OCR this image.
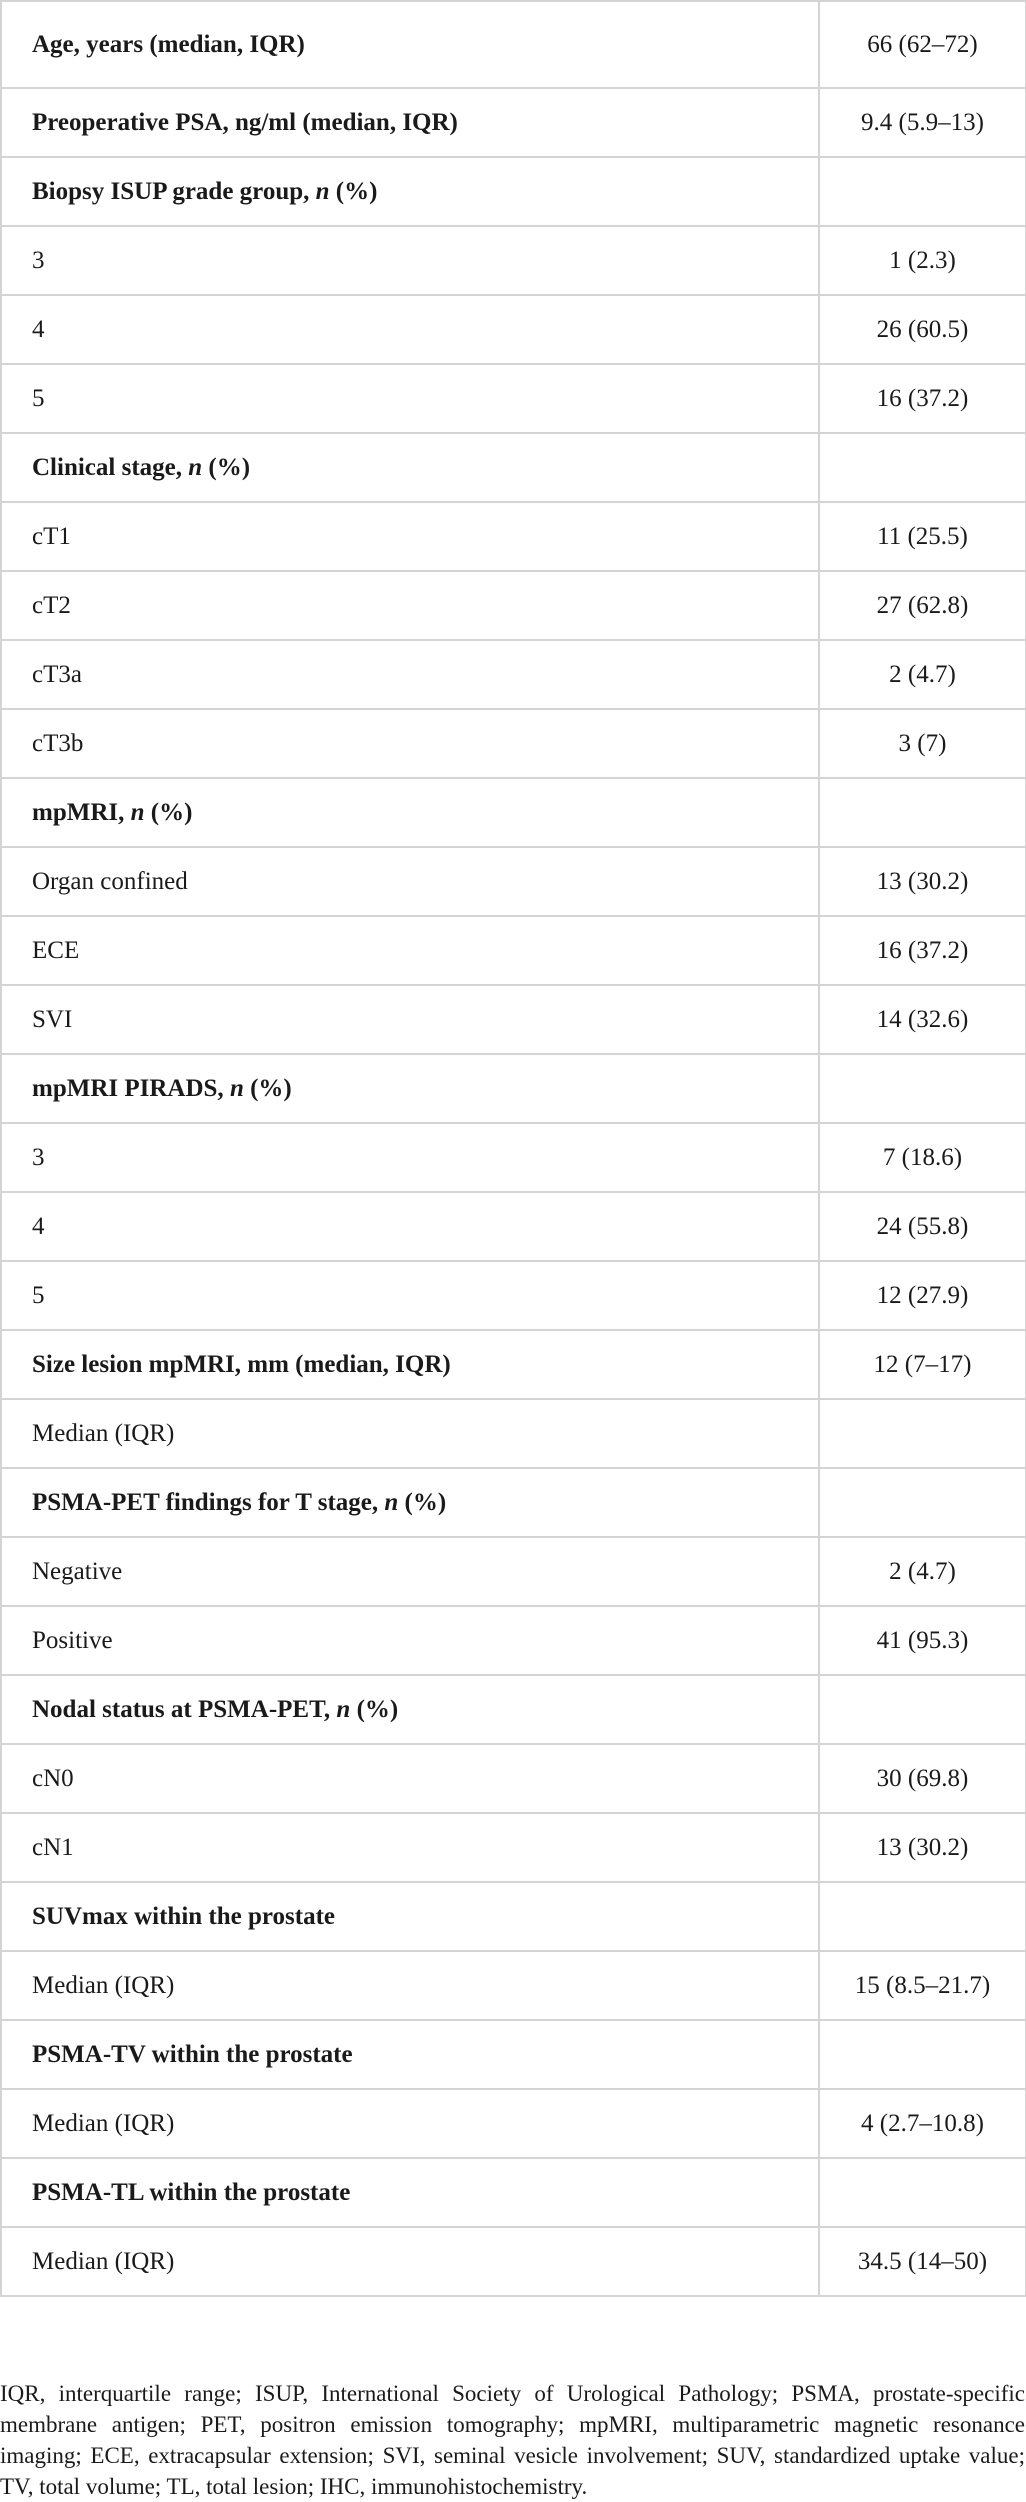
Age, years (median, IQR)	66 (62–72)
Preoperative PSA, ng/ml (median, IQR)	9.4 (5.9–13)
Biopsy ISUP grade group, n (%)	
3	1 (2.3)
4	26 (60.5)
5	16 (37.2)
Clinical stage, n (%)	
cT1	11 (25.5)
cT2	27 (62.8)
cT3a	2 (4.7)
cT3b	3 (7)
mpMRI, n (%)	
Organ confined	13 (30.2)
ECE	16 (37.2)
SVI	14 (32.6)
mpMRI PIRADS, n (%)	
3	7 (18.6)
4	24 (55.8)
5	12 (27.9)
Size lesion mpMRI, mm (median, IQR)	12 (7–17)
Median (IQR)	
PSMA-PET findings for T stage, n (%)	
Negative	2 (4.7)
Positive	41 (95.3)
Nodal status at PSMA-PET, n (%)	
cN0	30 (69.8)
cN1	13 (30.2)
SUVmax within the prostate	
Median (IQR)	15 (8.5–21.7)
PSMA-TV within the prostate	
Median (IQR)	4 (2.7–10.8)
PSMA-TL within the prostate	
Median (IQR)	34.5 (14–50)

IQR, interquartile range; ISUP, International Society of Urological Pathology; PSMA, prostate-specific membrane antigen; PET, positron emission tomography; mpMRI, multiparametric magnetic resonance imaging; ECE, extracapsular extension; SVI, seminal vesicle involvement; SUV, standardized uptake value; TV, total volume; TL, total lesion; IHC, immunohistochemistry.
